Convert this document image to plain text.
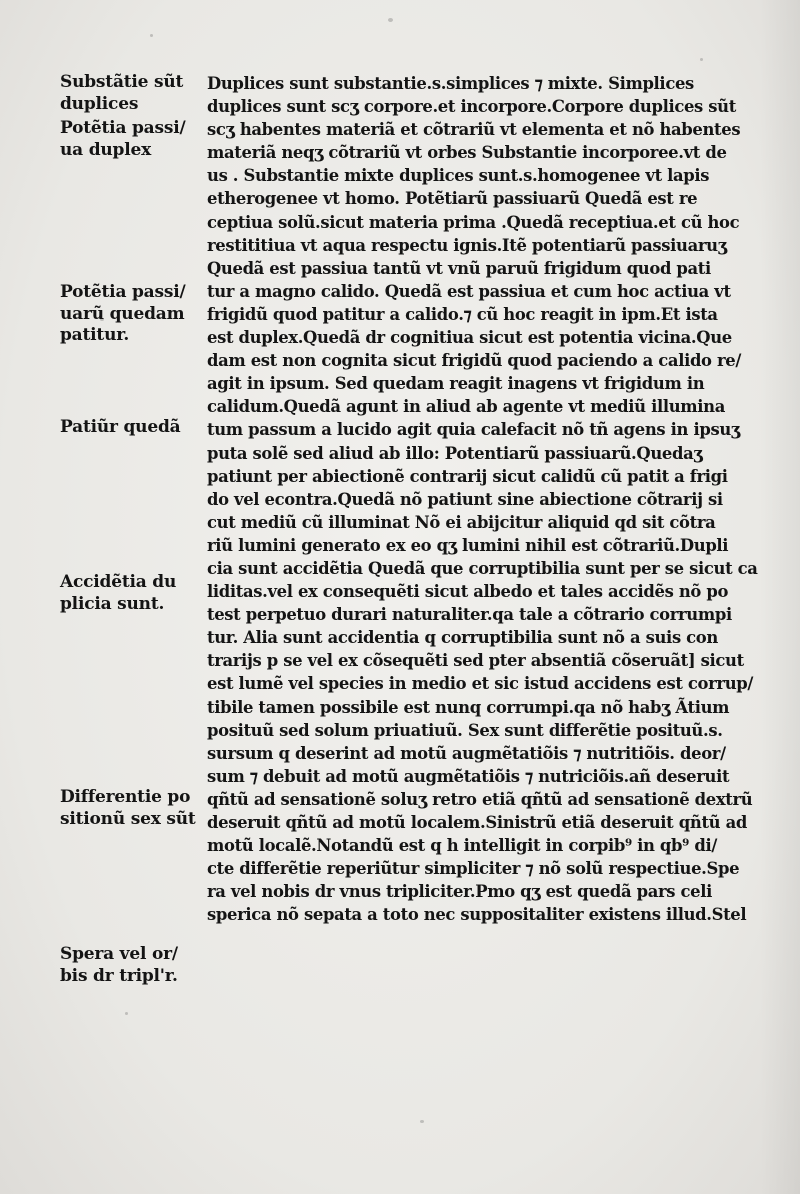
Substãtie sũt
duplices
Potẽtia passi/
ua duplex
Potẽtia passi/
uarũ quedam
patitur.
Patiũr quedã
Accidẽtia du
plicia sunt.
Differentie po
sitionũ sex sũt
Spera vel or/
bis dr tripl'r.
Duplices sunt substantie.s.simplices ⁊ mixte. Simplices
duplices sunt scʒ corpore.et incorpore.Corpore duplices sũt
scʒ habentes materiã et cõtrariũ vt elementa et nõ habentes
materiã neqʒ cõtrariũ vt orbes Substantie incorporee.vt de
us . Substantie mixte duplices sunt.s.homogenee vt lapis
etherogenee vt homo. Potẽtiarũ passiuarũ Quedã est re
ceptiua solũ.sicut materia prima .Quedã receptiua.et cũ hoc
restititiua vt aqua respectu ignis.Itẽ potentiarũ passiuaruʒ
Quedã est passiua tantũ vt vnũ paruũ frigidum quod pati
tur a magno calido. Quedã est passiua et cum hoc actiua vt
frigidũ quod patitur a calido.⁊ cũ hoc reagit in ipm.Et ista
est duplex.Quedã dr cognitiua sicut est potentia vicina.Que
dam est non cognita sicut frigidũ quod paciendo a calido re/
agit in ipsum. Sed quedam reagit inagens vt frigidum in
calidum.Quedã agunt in aliud ab agente vt mediũ illumina
tum passum a lucido agit quia calefacit nõ tñ agens in ipsuʒ
puta solẽ sed aliud ab illo: Potentiarũ passiuarũ.Quedaʒ
patiunt per abiectionẽ contrarij sicut calidũ cũ patit a frigi
do vel econtra.Quedã nõ patiunt sine abiectione cõtrarij si
cut mediũ cũ illuminat Nõ ei abijcitur aliquid qd sit cõtra
riũ lumini generato ex eo qʒ lumini nihil est cõtrariũ.Dupli
cia sunt accidẽtia Quedã que corruptibilia sunt per se sicut ca
liditas.vel ex consequẽti sicut albedo et tales accidẽs nõ po
test perpetuo durari naturaliter.qa tale a cõtrario corrumpi
tur. Alia sunt accidentia q corruptibilia sunt nõ a suis con
trarijs p se vel ex cõsequẽti sed pter absentiã cõseruãt] sicut
est lumẽ vel species in medio et sic istud accidens est corrup/
tibile tamen possibile est nunq corrumpi.qa nõ habʒ Ãtium
posituũ sed solum priuatiuũ. Sex sunt differẽtie posituũ.s.
sursum q deserint ad motũ augmẽtatiõis ⁊ nutritiõis. deor/
sum ⁊ debuit ad motũ augmẽtatiõis ⁊ nutriciõis.añ deseruit
qñtũ ad sensationẽ soluʒ retro etiã qñtũ ad sensationẽ dextrũ
deseruit qñtũ ad motũ localem.Sinistrũ etiã deseruit qñtũ ad
motũ localẽ.Notandũ est q h intelligit in corpib⁹ in qb⁹ di/
cte differẽtie reperiũtur simpliciter ⁊ nõ solũ respectiue.Spe
ra vel nobis dr vnus tripliciter.Pmo qʒ est quedã pars celi
sperica nõ sepata a toto nec suppositaliter existens illud.Stel
